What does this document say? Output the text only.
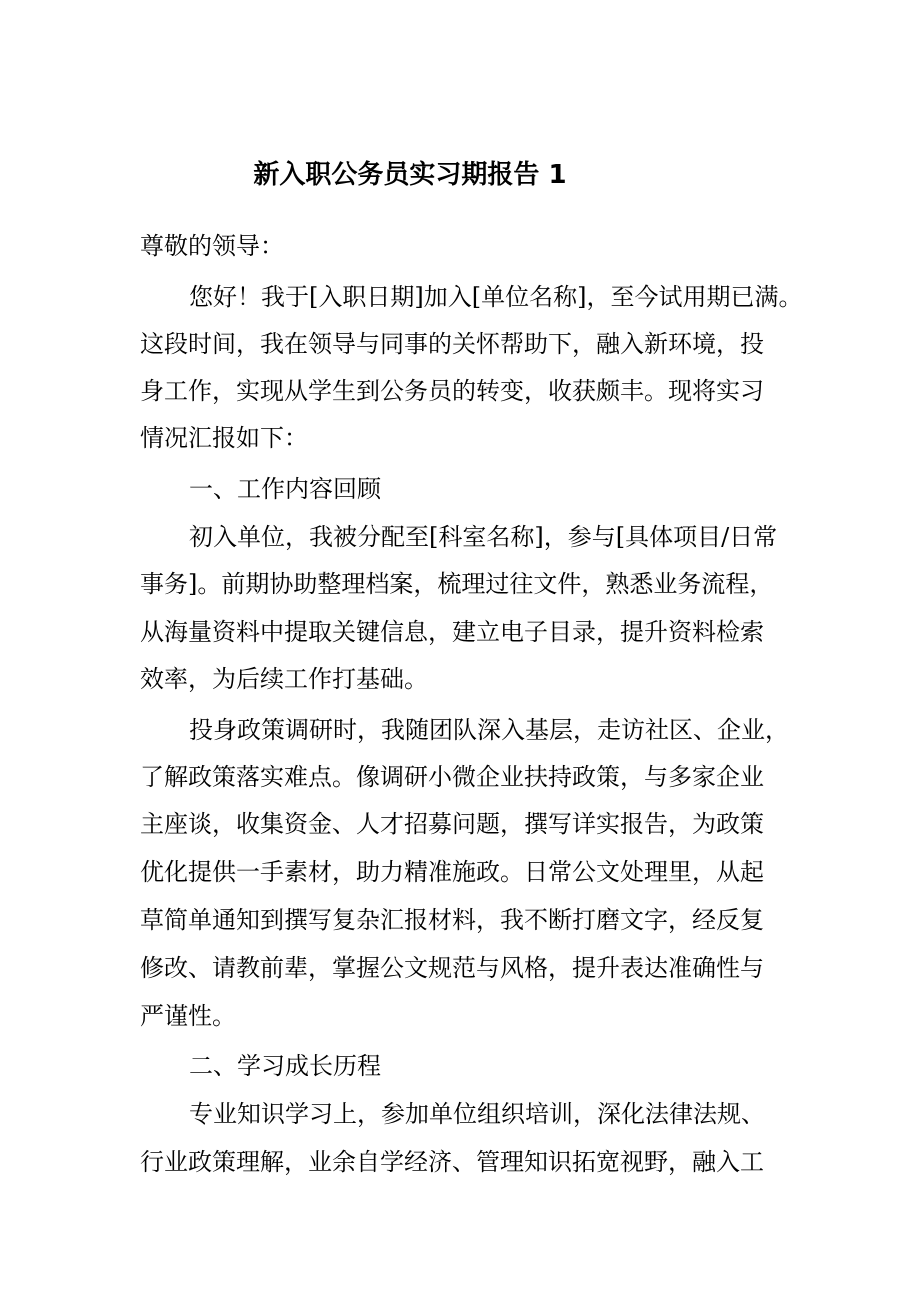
新入职公务员实习期报告 1

尊敬的领导：

您好！我于[入职日期]加入[单位名称]，至今试用期已满。

这段时间，我在领导与同事的关怀帮助下，融入新环境，投

身工作，实现从学生到公务员的转变，收获颇丰。现将实习

情况汇报如下：

一、工作内容回顾

初入单位，我被分配至[科室名称]，参与[具体项目/日常

事务]。前期协助整理档案，梳理过往文件，熟悉业务流程，

从海量资料中提取关键信息，建立电子目录，提升资料检索

效率，为后续工作打基础。

投身政策调研时，我随团队深入基层，走访社区、企业，

了解政策落实难点。像调研小微企业扶持政策，与多家企业

主座谈，收集资金、人才招募问题，撰写详实报告，为政策

优化提供一手素材，助力精准施政。日常公文处理里，从起

草简单通知到撰写复杂汇报材料，我不断打磨文字，经反复

修改、请教前辈，掌握公文规范与风格，提升表达准确性与

严谨性。

二、学习成长历程

专业知识学习上，参加单位组织培训，深化法律法规、

行业政策理解，业余自学经济、管理知识拓宽视野，融入工
